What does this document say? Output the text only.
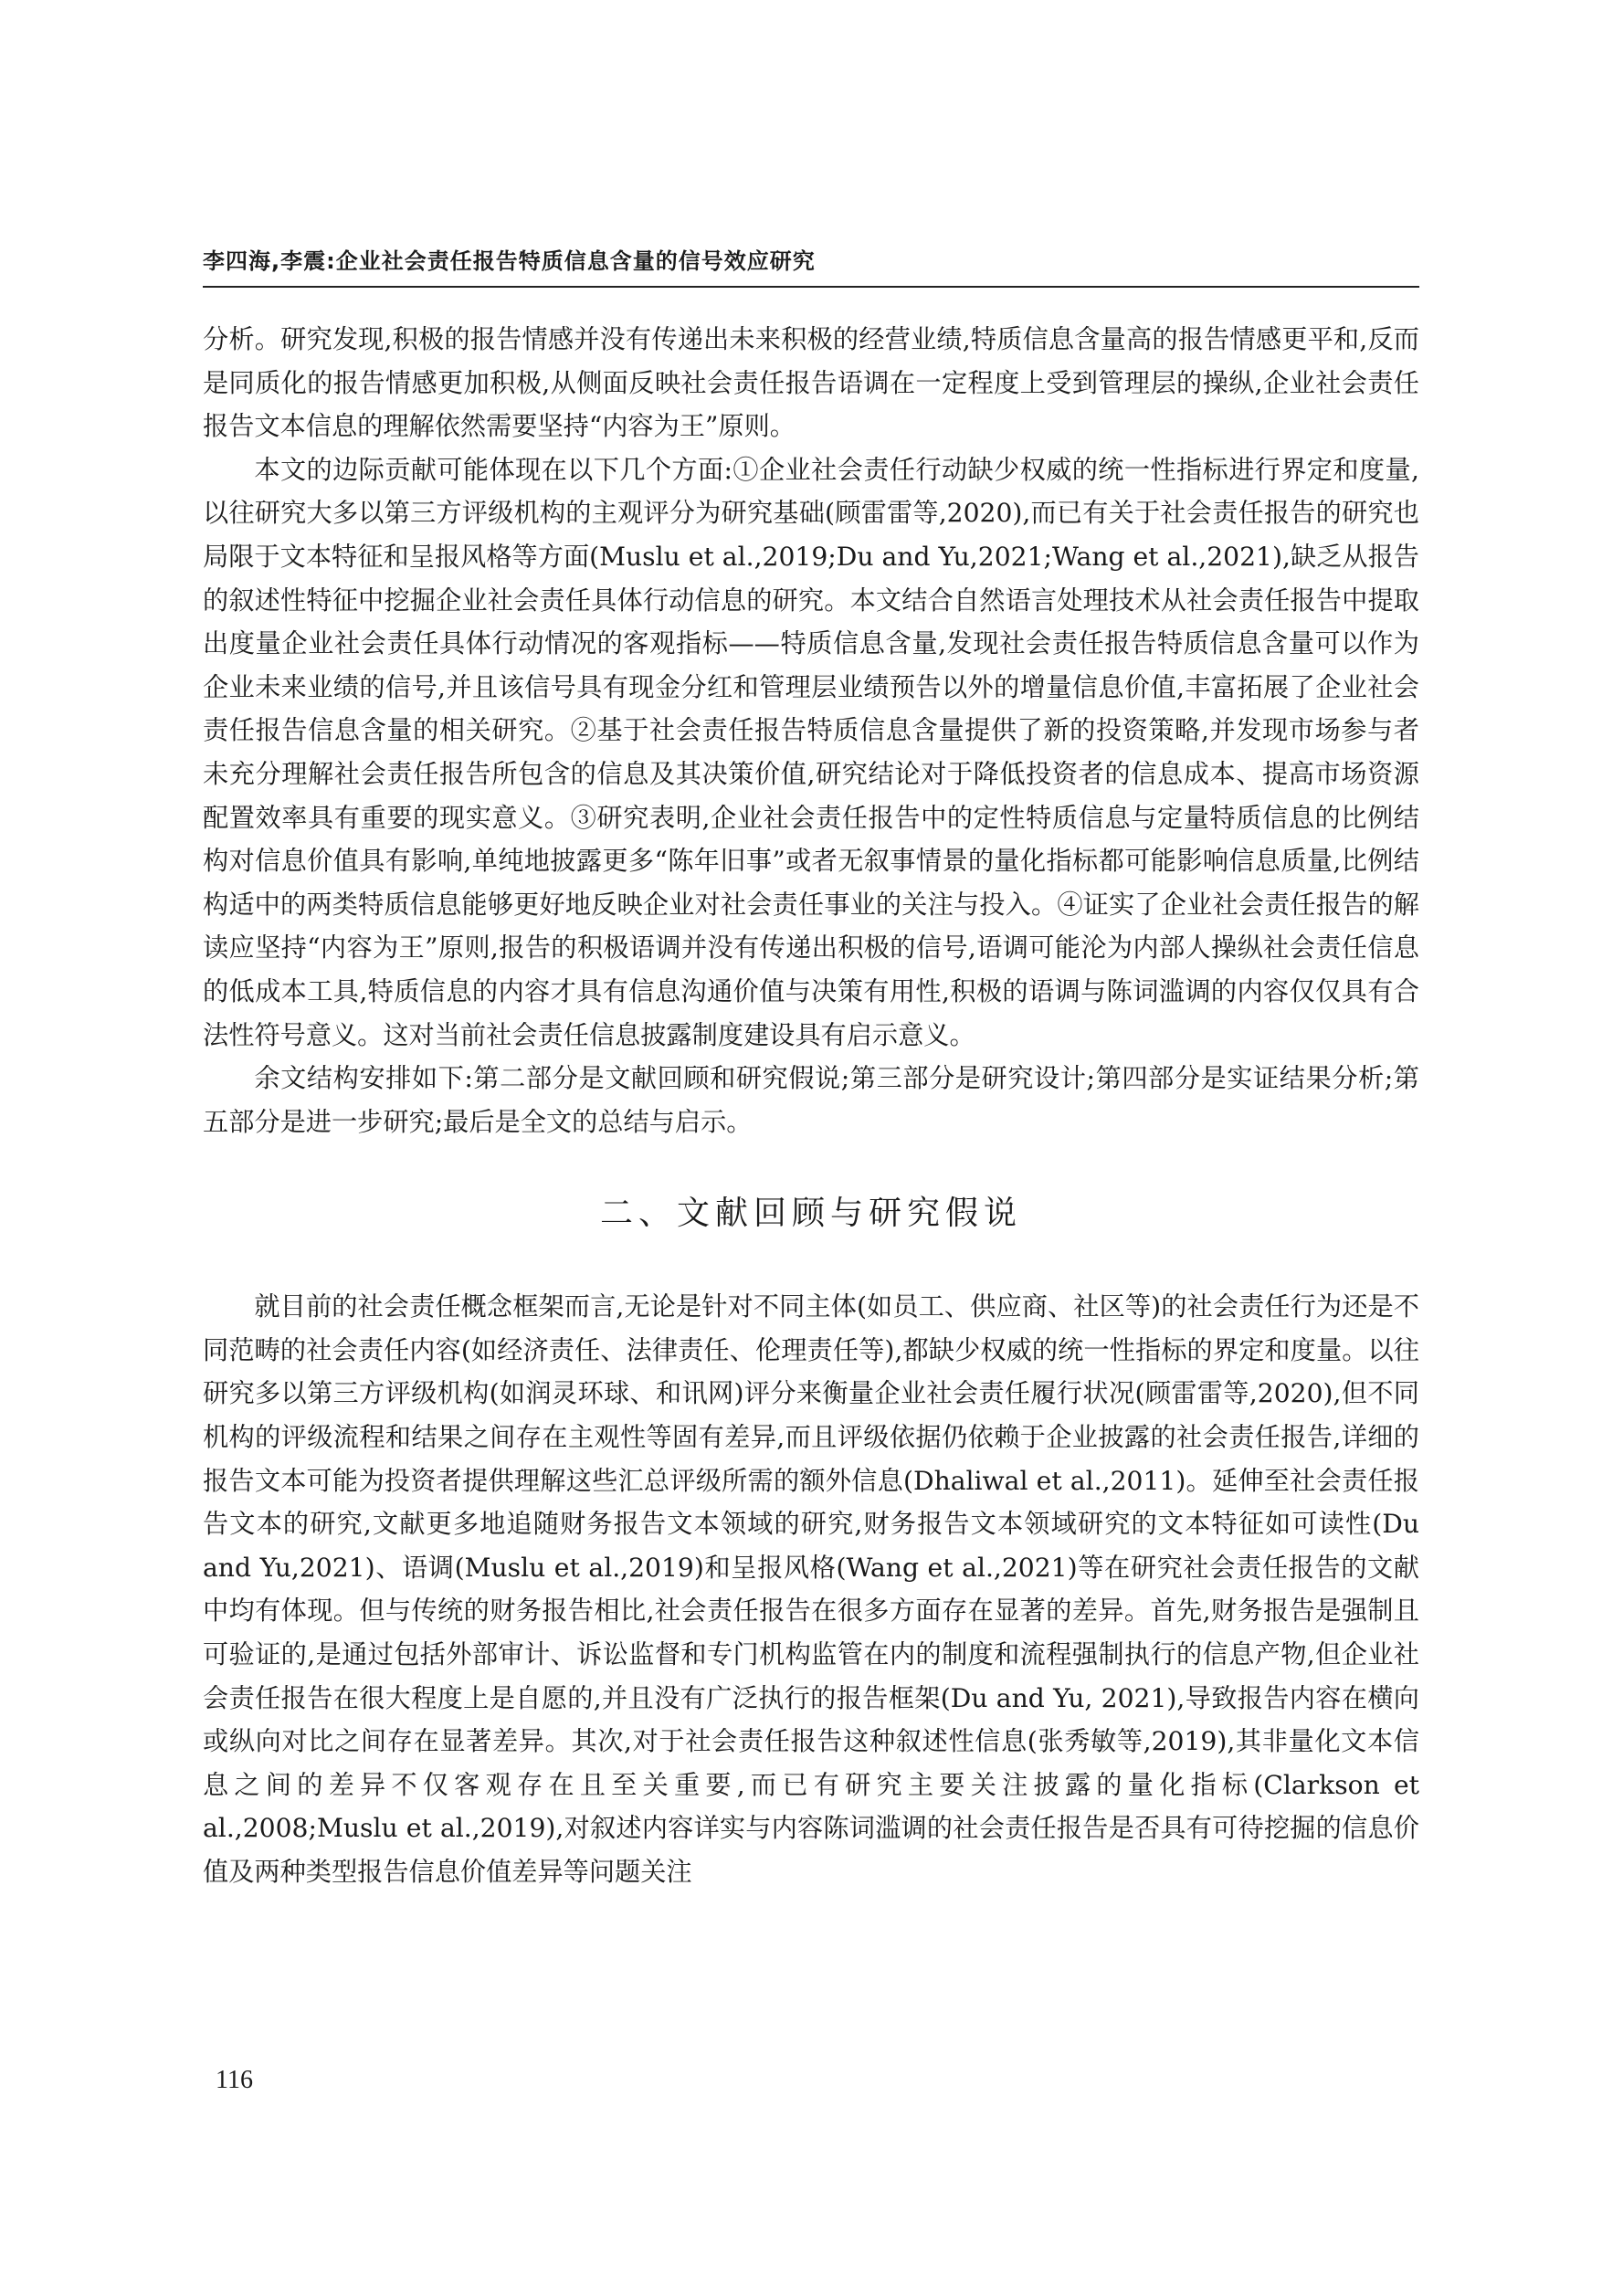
李四海,李震:企业社会责任报告特质信息含量的信号效应研究

分析。研究发现,积极的报告情感并没有传递出未来积极的经营业绩,特质信息含量高的报告情感更平和,反而是同质化的报告情感更加积极,从侧面反映社会责任报告语调在一定程度上受到管理层的操纵,企业社会责任报告文本信息的理解依然需要坚持“内容为王”原则。

本文的边际贡献可能体现在以下几个方面:①企业社会责任行动缺少权威的统一性指标进行界定和度量,以往研究大多以第三方评级机构的主观评分为研究基础(顾雷雷等,2020),而已有关于社会责任报告的研究也局限于文本特征和呈报风格等方面(Muslu et al.,2019;Du and Yu,2021;Wang et al.,2021),缺乏从报告的叙述性特征中挖掘企业社会责任具体行动信息的研究。本文结合自然语言处理技术从社会责任报告中提取出度量企业社会责任具体行动情况的客观指标——特质信息含量,发现社会责任报告特质信息含量可以作为企业未来业绩的信号,并且该信号具有现金分红和管理层业绩预告以外的增量信息价值,丰富拓展了企业社会责任报告信息含量的相关研究。②基于社会责任报告特质信息含量提供了新的投资策略,并发现市场参与者未充分理解社会责任报告所包含的信息及其决策价值,研究结论对于降低投资者的信息成本、提高市场资源配置效率具有重要的现实意义。③研究表明,企业社会责任报告中的定性特质信息与定量特质信息的比例结构对信息价值具有影响,单纯地披露更多“陈年旧事”或者无叙事情景的量化指标都可能影响信息质量,比例结构适中的两类特质信息能够更好地反映企业对社会责任事业的关注与投入。④证实了企业社会责任报告的解读应坚持“内容为王”原则,报告的积极语调并没有传递出积极的信号,语调可能沦为内部人操纵社会责任信息的低成本工具,特质信息的内容才具有信息沟通价值与决策有用性,积极的语调与陈词滥调的内容仅仅具有合法性符号意义。这对当前社会责任信息披露制度建设具有启示意义。

余文结构安排如下:第二部分是文献回顾和研究假说;第三部分是研究设计;第四部分是实证结果分析;第五部分是进一步研究;最后是全文的总结与启示。

二、文献回顾与研究假说

就目前的社会责任概念框架而言,无论是针对不同主体(如员工、供应商、社区等)的社会责任行为还是不同范畴的社会责任内容(如经济责任、法律责任、伦理责任等),都缺少权威的统一性指标的界定和度量。以往研究多以第三方评级机构(如润灵环球、和讯网)评分来衡量企业社会责任履行状况(顾雷雷等,2020),但不同机构的评级流程和结果之间存在主观性等固有差异,而且评级依据仍依赖于企业披露的社会责任报告,详细的报告文本可能为投资者提供理解这些汇总评级所需的额外信息(Dhaliwal et al.,2011)。延伸至社会责任报告文本的研究,文献更多地追随财务报告文本领域的研究,财务报告文本领域研究的文本特征如可读性(Du and Yu,2021)、语调(Muslu et al.,2019)和呈报风格(Wang et al.,2021)等在研究社会责任报告的文献中均有体现。但与传统的财务报告相比,社会责任报告在很多方面存在显著的差异。首先,财务报告是强制且可验证的,是通过包括外部审计、诉讼监督和专门机构监管在内的制度和流程强制执行的信息产物,但企业社会责任报告在很大程度上是自愿的,并且没有广泛执行的报告框架(Du and Yu, 2021),导致报告内容在横向或纵向对比之间存在显著差异。其次,对于社会责任报告这种叙述性信息(张秀敏等,2019),其非量化文本信息之间的差异不仅客观存在且至关重要,而已有研究主要关注披露的量化指标(Clarkson et al.,2008;Muslu et al.,2019),对叙述内容详实与内容陈词滥调的社会责任报告是否具有可待挖掘的信息价值及两种类型报告信息价值差异等问题关注

116
